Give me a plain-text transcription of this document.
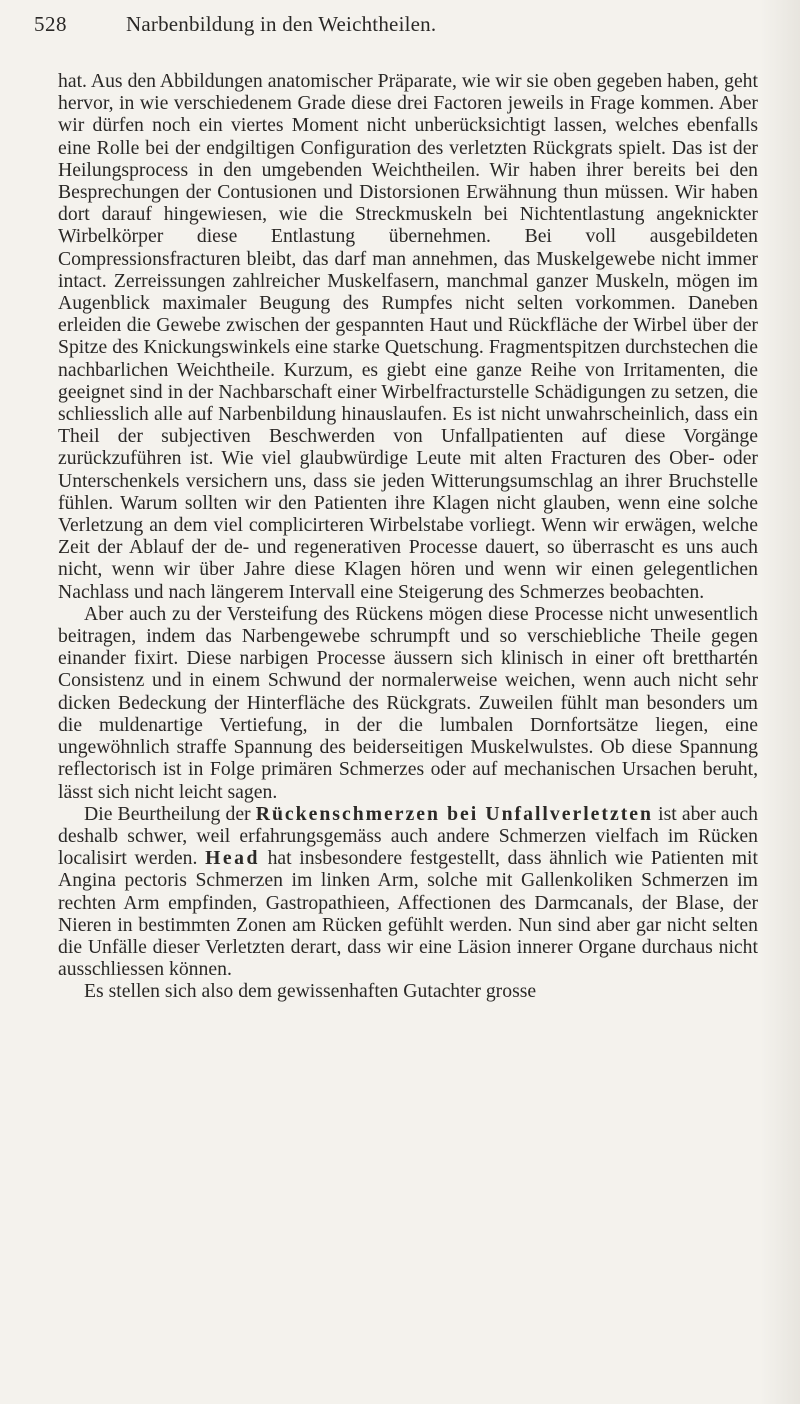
528	Narbenbildung in den Weichtheilen.

hat. Aus den Abbildungen anatomischer Präparate, wie wir sie oben gegeben haben, geht hervor, in wie verschiedenem Grade diese drei Factoren jeweils in Frage kommen. Aber wir dürfen noch ein viertes Moment nicht unberücksichtigt lassen, welches ebenfalls eine Rolle bei der endgiltigen Configuration des verletzten Rückgrats spielt. Das ist der Heilungsprocess in den umgebenden Weichtheilen. Wir haben ihrer bereits bei den Besprechungen der Contusionen und Distorsionen Erwähnung thun müssen. Wir haben dort darauf hingewiesen, wie die Streckmuskeln bei Nichtentlastung angeknickter Wirbelkörper diese Entlastung übernehmen. Bei voll ausgebildeten Compressionsfracturen bleibt, das darf man annehmen, das Muskelgewebe nicht immer intact. Zerreissungen zahlreicher Muskelfasern, manchmal ganzer Muskeln, mögen im Augenblick maximaler Beugung des Rumpfes nicht selten vorkommen. Daneben erleiden die Gewebe zwischen der gespannten Haut und Rückfläche der Wirbel über der Spitze des Knickungswinkels eine starke Quetschung. Fragmentspitzen durchstechen die nachbarlichen Weichtheile. Kurzum, es giebt eine ganze Reihe von Irritamenten, die geeignet sind in der Nachbarschaft einer Wirbelfracturstelle Schädigungen zu setzen, die schliesslich alle auf Narbenbildung hinauslaufen. Es ist nicht unwahrscheinlich, dass ein Theil der subjectiven Beschwerden von Unfallpatienten auf diese Vorgänge zurückzuführen ist. Wie viel glaubwürdige Leute mit alten Fracturen des Ober- oder Unterschenkels versichern uns, dass sie jeden Witterungsumschlag an ihrer Bruchstelle fühlen. Warum sollten wir den Patienten ihre Klagen nicht glauben, wenn eine solche Verletzung an dem viel complicirteren Wirbelstabe vorliegt. Wenn wir erwägen, welche Zeit der Ablauf der de- und regenerativen Processe dauert, so überrascht es uns auch nicht, wenn wir über Jahre diese Klagen hören und wenn wir einen gelegentlichen Nachlass und nach längerem Intervall eine Steigerung des Schmerzes beobachten.

Aber auch zu der Versteifung des Rückens mögen diese Processe nicht unwesentlich beitragen, indem das Narbengewebe schrumpft und so verschiebliche Theile gegen einander fixirt. Diese narbigen Processe äussern sich klinisch in einer oft bretthartén Consistenz und in einem Schwund der normalerweise weichen, wenn auch nicht sehr dicken Bedeckung der Hinterfläche des Rückgrats. Zuweilen fühlt man besonders um die muldenartige Vertiefung, in der die lumbalen Dornfortsätze liegen, eine ungewöhnlich straffe Spannung des beiderseitigen Muskelwulstes. Ob diese Spannung reflectorisch ist in Folge primären Schmerzes oder auf mechanischen Ursachen beruht, lässt sich nicht leicht sagen.

Die Beurtheilung der Rückenschmerzen bei Unfallverletzten ist aber auch deshalb schwer, weil erfahrungsgemäss auch andere Schmerzen vielfach im Rücken localisirt werden. Head hat insbesondere festgestellt, dass ähnlich wie Patienten mit Angina pectoris Schmerzen im linken Arm, solche mit Gallenkoliken Schmerzen im rechten Arm empfinden, Gastropathieen, Affectionen des Darmcanals, der Blase, der Nieren in bestimmten Zonen am Rücken gefühlt werden. Nun sind aber gar nicht selten die Unfälle dieser Verletzten derart, dass wir eine Läsion innerer Organe durchaus nicht ausschliessen können.

Es stellen sich also dem gewissenhaften Gutachter grosse
